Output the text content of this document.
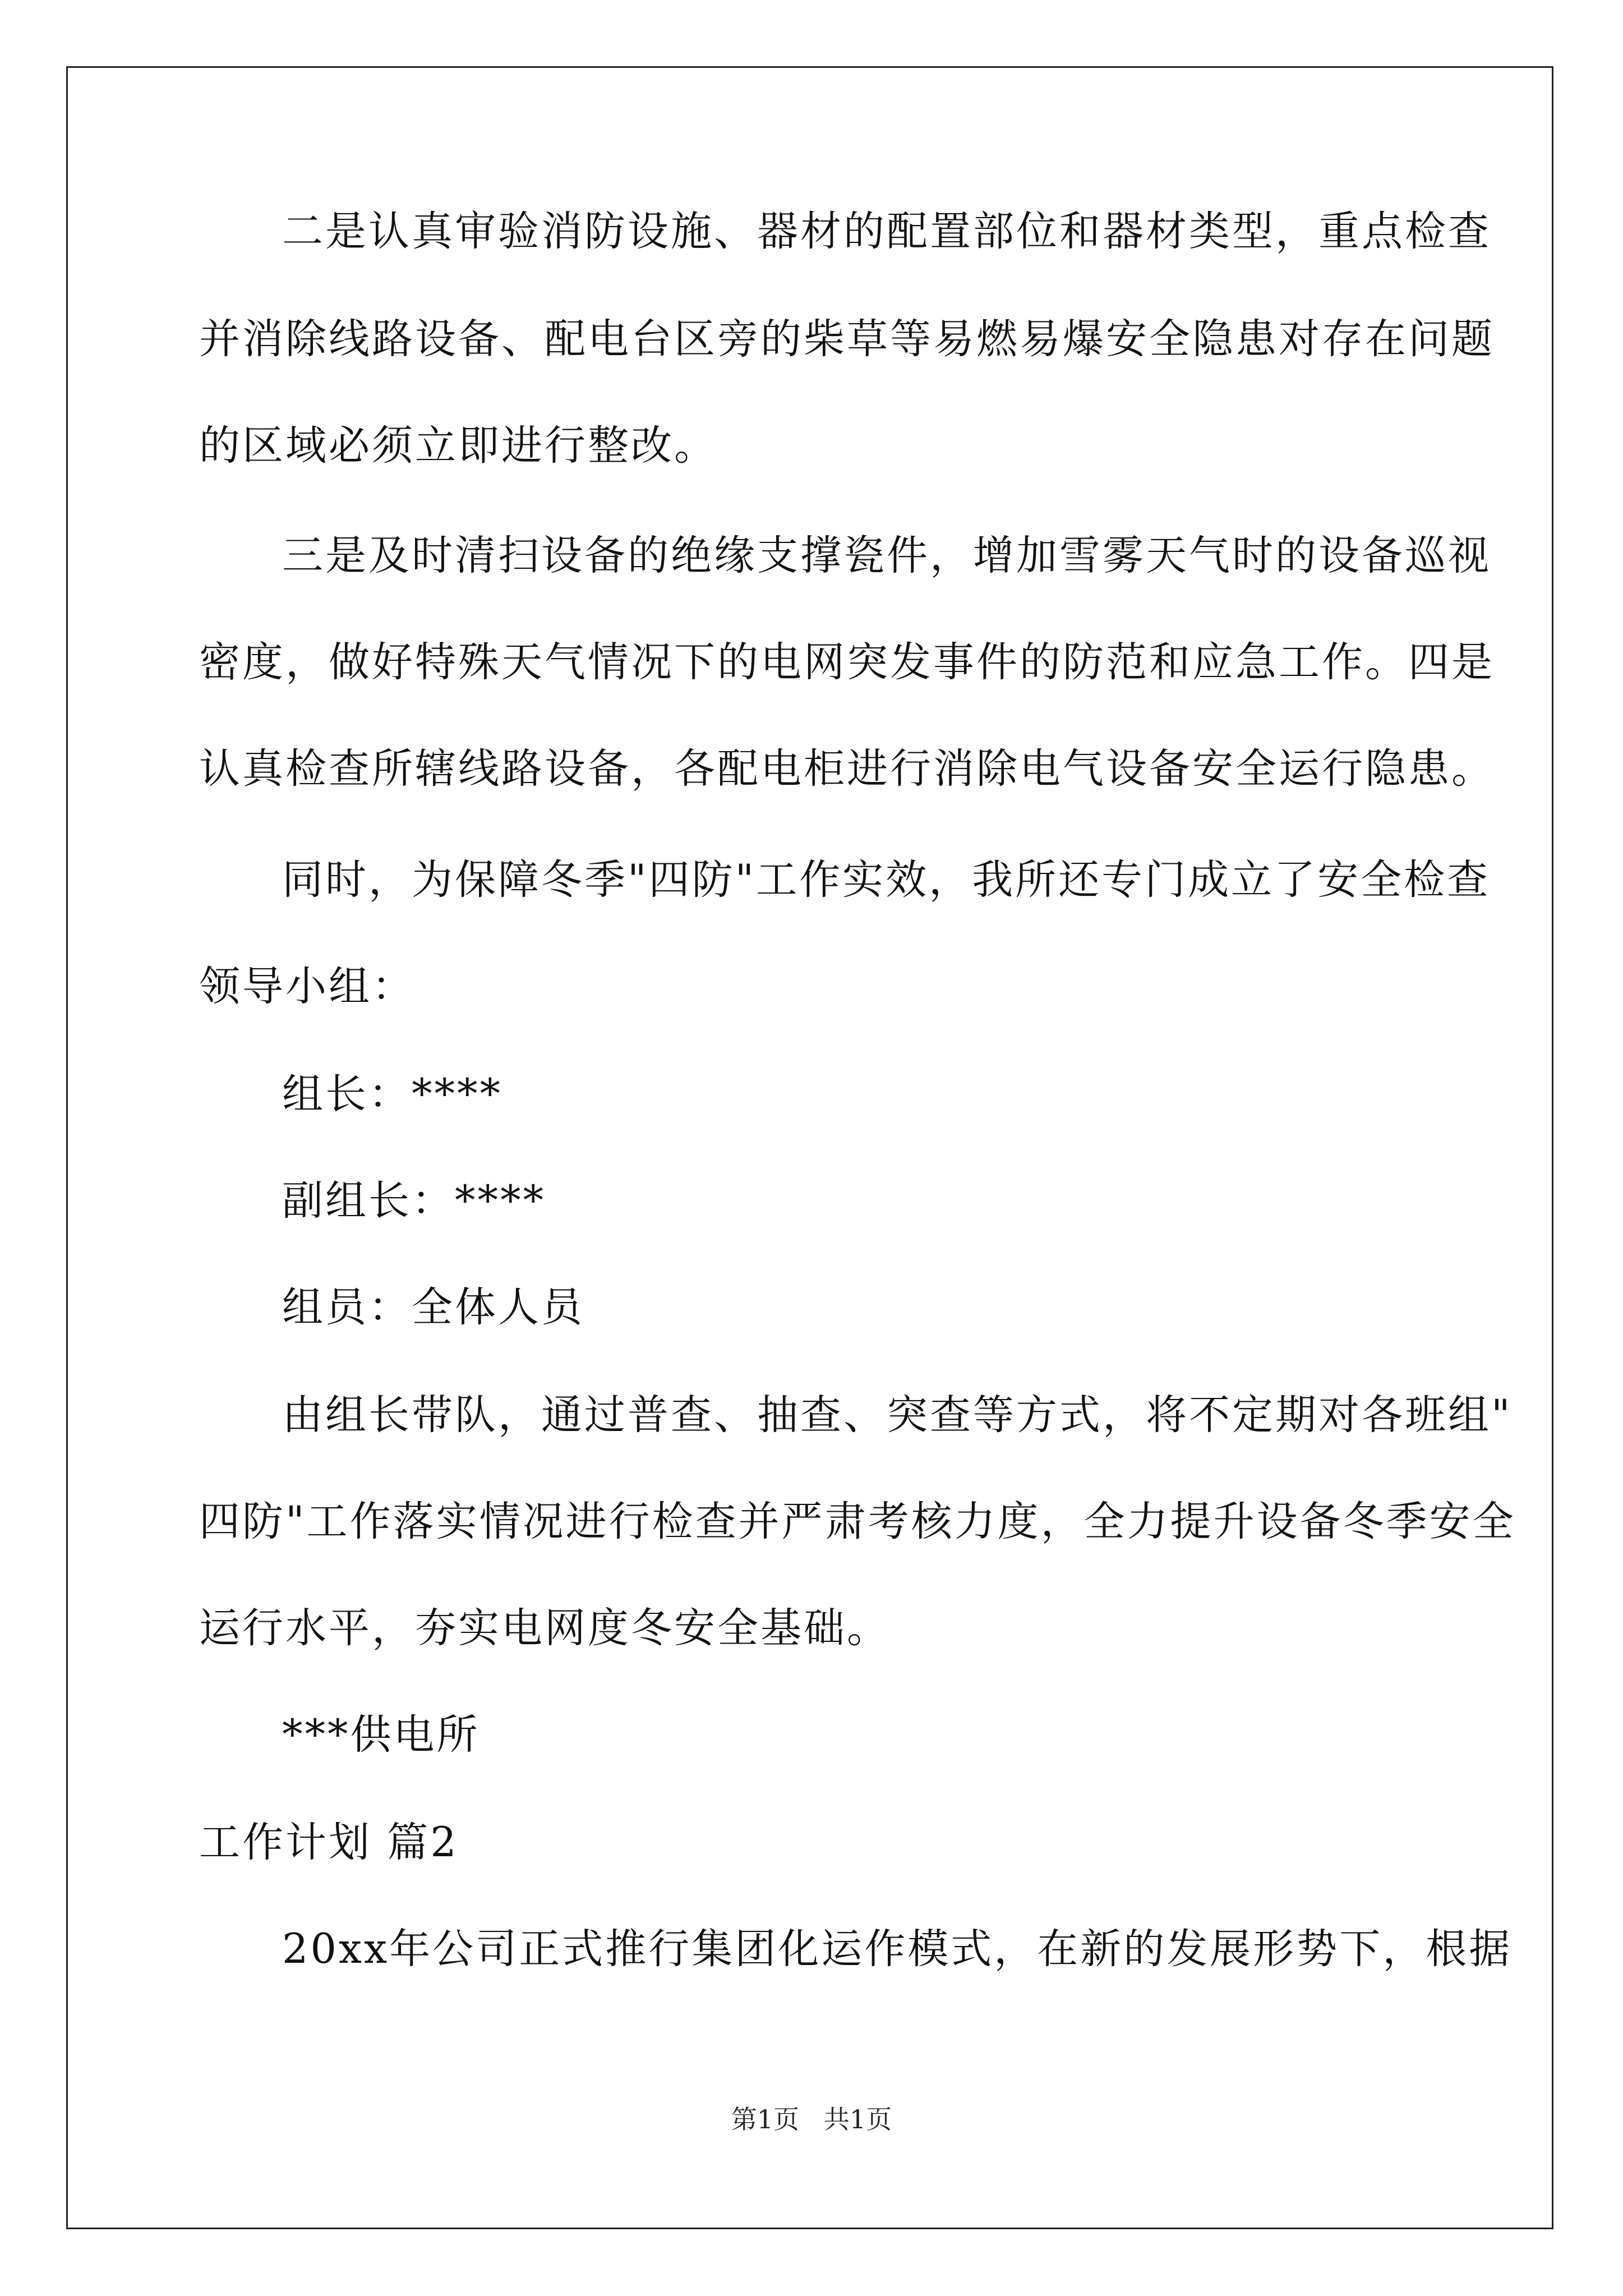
二是认真审验消防设施、器材的配置部位和器材类型，重点检查
并消除线路设备、配电台区旁的柴草等易燃易爆安全隐患对存在问题
的区域必须立即进行整改。
三是及时清扫设备的绝缘支撑瓷件，增加雪雾天气时的设备巡视
密度，做好特殊天气情况下的电网突发事件的防范和应急工作。四是
认真检查所辖线路设备，各配电柜进行消除电气设备安全运行隐患。
同时，为保障冬季"四防"工作实效，我所还专门成立了安全检查
领导小组：
组长：****
副组长：****
组员：全体人员
由组长带队，通过普查、抽查、突查等方式，将不定期对各班组"
四防"工作落实情况进行检查并严肃考核力度，全力提升设备冬季安全
运行水平，夯实电网度冬安全基础。
***供电所
工作计划 篇2
20xx年公司正式推行集团化运作模式，在新的发展形势下，根据
第1页   共1页
